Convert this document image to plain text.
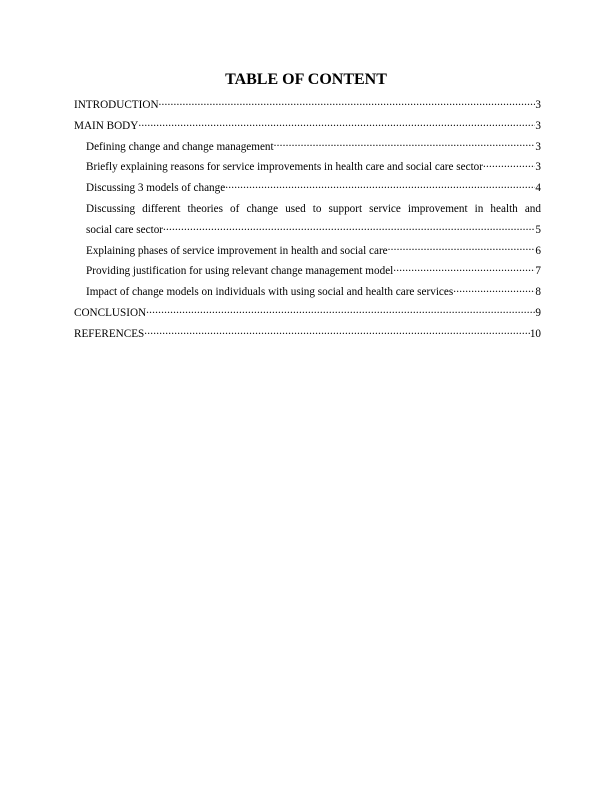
TABLE OF CONTENT
INTRODUCTION .....	3
MAIN BODY .....	3
Defining change and change management .....	3
Briefly explaining reasons for service improvements in health care and social care sector .....	3
Discussing 3 models of change .....	4
Discussing different theories of change used to support service improvement in health and
social care sector .....	5
Explaining phases of service improvement in health and social care .....	6
Providing justification for using relevant change management model .....	7
Impact of change models on individuals with using social and health care services .....	8
CONCLUSION .....	9
REFERENCES .....	10
